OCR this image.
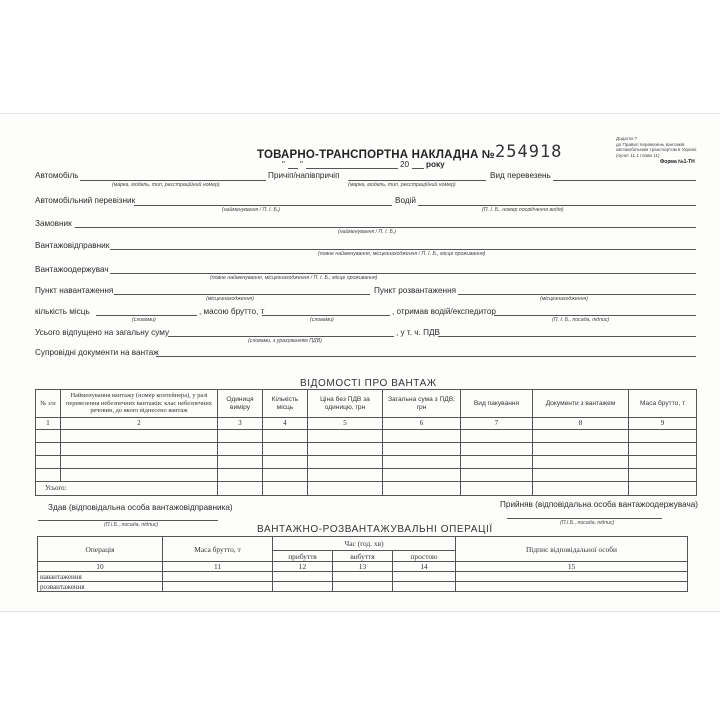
ТОВАРНО-ТРАНСПОРТНА НАКЛАДНА № 254918
Додаток 7
до Правил перевезень вантажів
автомобільним транспортом в Україні
(пункт 11.1 глави 11)
Форма №1-ТН
" "	20 року
Автомобіль
(марка, модель, тип, реєстраційний номер)
Причіп/напівпричіп
(марка, модель, тип, реєстраційний номер)
Вид перевезень
Автомобільний перевізник
(найменування / П. І. Б.)
Водій
(П. І. Б., номер посвідчення водія)
Замовник
(найменування / П. І. Б.)
Вантажовідправник
(повне найменування, місцезнаходження / П. І. Б., місце проживання)
Вантажоодержувач
(повне найменування, місцезнаходження / П. І. Б., місце проживання)
Пункт навантаження
(місцезнаходження)
Пункт розвантаження
(місцезнаходження)
кількість місць
(словами)
, масою брутто, т
(словами)
, отримав водій/експедитор
(П. І. Б., посада, підпис)
Усього відпущено на загальну суму
(словами, з урахуванням ПДВ)
, у т. ч. ПДВ
Супровідні документи на вантаж
ВІДОМОСТІ ПРО ВАНТАЖ
№ з/п	Найменування вантажу (номер контейнера), у разі перевезення небезпечних вантажів: клас небезпечних речовин, до якого віднесено вантаж	Одиниця виміру	Кількість місць	Ціна без ПДВ за одиницю, грн	Загальна сума з ПДВ, грн	Вид пакування	Документи з вантажем	Маса брутто, т
1	2	3	4	5	6	7	8	9

Усього:								
Здав (відповідальна особа вантажовідправника)
(П.І.Б., посада, підпис)
Прийняв (відповідальна особа вантажоодержувача)
(П.І.Б., посада, підпис)
ВАНТАЖНО-РОЗВАНТАЖУВАЛЬНІ ОПЕРАЦІЇ
Операція	Маса брутто, т	Час (год. хв)			Підпис відповідальної особи
		прибуття	вибуття	простою	
10	11	12	13	14	15
навантаження					
розвантаження					
